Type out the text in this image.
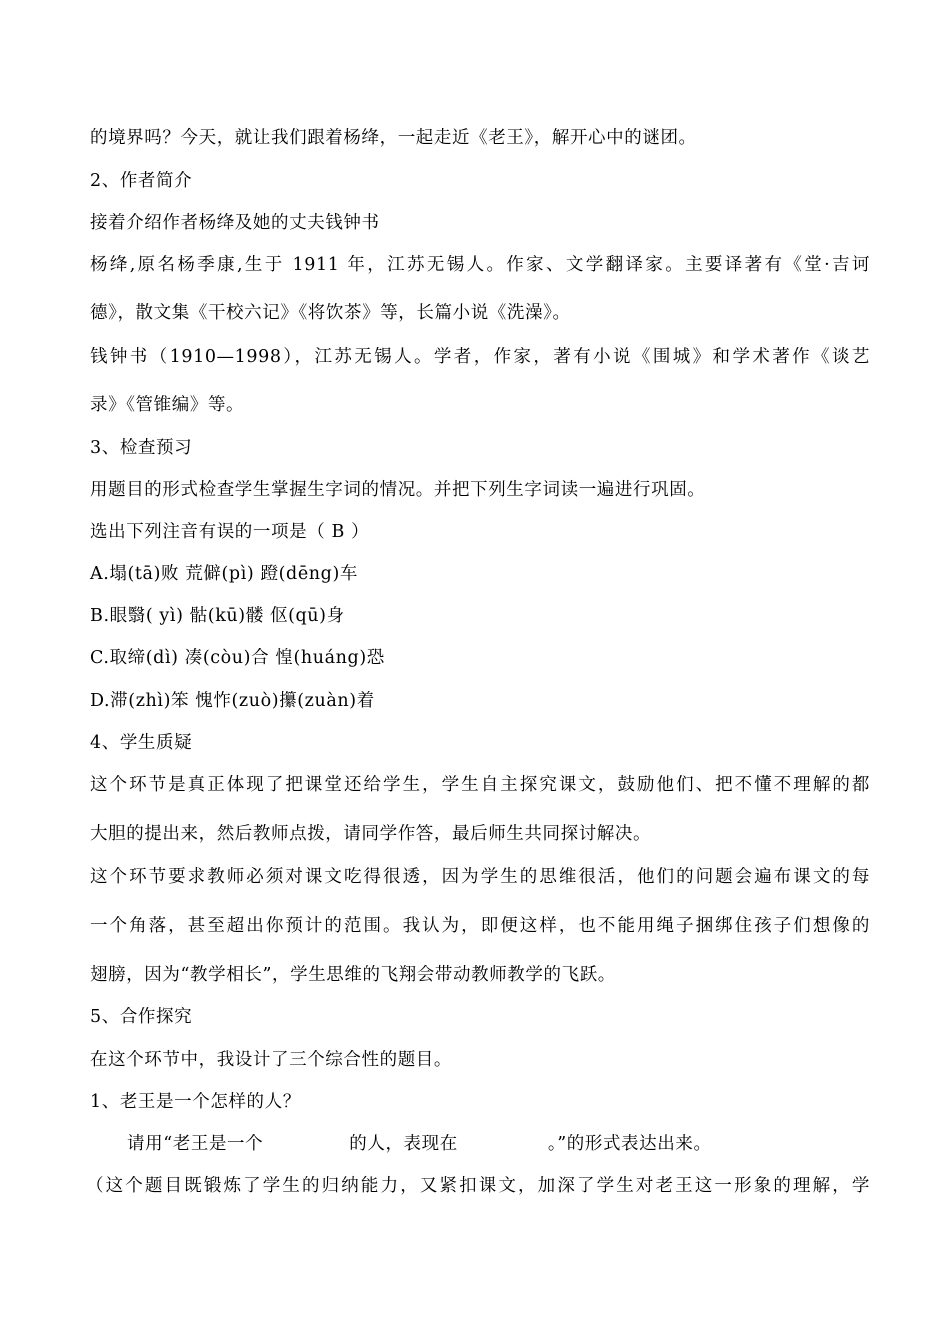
的境界吗？今天，就让我们跟着杨绛，一起走近《老王》，解开心中的谜团。
2、作者简介
接着介绍作者杨绛及她的丈夫钱钟书
杨绛,原名杨季康,生于 1911 年，江苏无锡人。作家、文学翻译家。主要译著有《堂·吉诃
德》，散文集《干校六记》《将饮茶》等，长篇小说《洗澡》。
钱钟书（1910—1998），江苏无锡人。学者，作家，著有小说《围城》和学术著作《谈艺
录》《管锥编》等。
3、检查预习
用题目的形式检查学生掌握生字词的情况。并把下列生字词读一遍进行巩固。
选出下列注音有误的一项是（ B ）
A.塌(tā)败 荒僻(pì) 蹬(dēng)车
B.眼翳( yì) 骷(kū)髅 伛(qū)身
C.取缔(dì) 凑(còu)合 惶(huáng)恐
D.滞(zhì)笨 愧怍(zuò)攥(zuàn)着
4、学生质疑
这个环节是真正体现了把课堂还给学生，学生自主探究课文，鼓励他们、把不懂不理解的都
大胆的提出来，然后教师点拨，请同学作答，最后师生共同探讨解决。
这个环节要求教师必须对课文吃得很透，因为学生的思维很活，他们的问题会遍布课文的每
一个角落，甚至超出你预计的范围。我认为，即便这样，也不能用绳子捆绑住孩子们想像的
翅膀，因为“教学相长”，学生思维的飞翔会带动教师教学的飞跃。
5、合作探究
在这个环节中，我设计了三个综合性的题目。
1、老王是一个怎样的人？
请用“老王是一个	的人，表现在	。”的形式表达出来。
（这个题目既锻炼了学生的归纳能力，又紧扣课文，加深了学生对老王这一形象的理解，学
